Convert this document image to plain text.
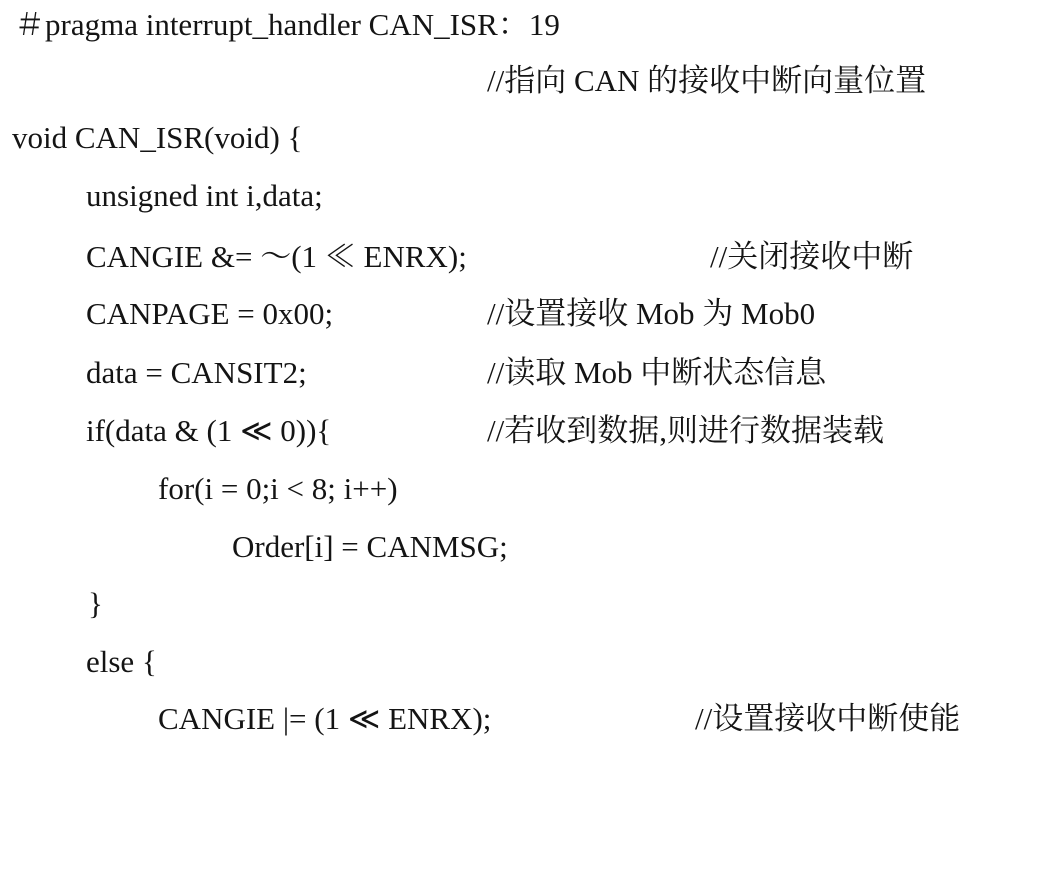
＃pragma interrupt_handler CAN_ISR：19

//指向 CAN 的接收中断向量位置

void CAN_ISR(void) {

unsigned int i,data;

CANGIE &= ～(1 ≪ ENRX);

	//关闭接收中断

CANPAGE = 0x00;

	//设置接收 Mob 为 Mob0

data = CANSIT2;

	//读取 Mob 中断状态信息

if(data & (1 ≪ 0)){

	//若收到数据,则进行数据装载

for(i = 0;i < 8; i++)

Order[i] = CANMSG;

}

else {

CANGIE |= (1 ≪ ENRX);

	//设置接收中断使能
